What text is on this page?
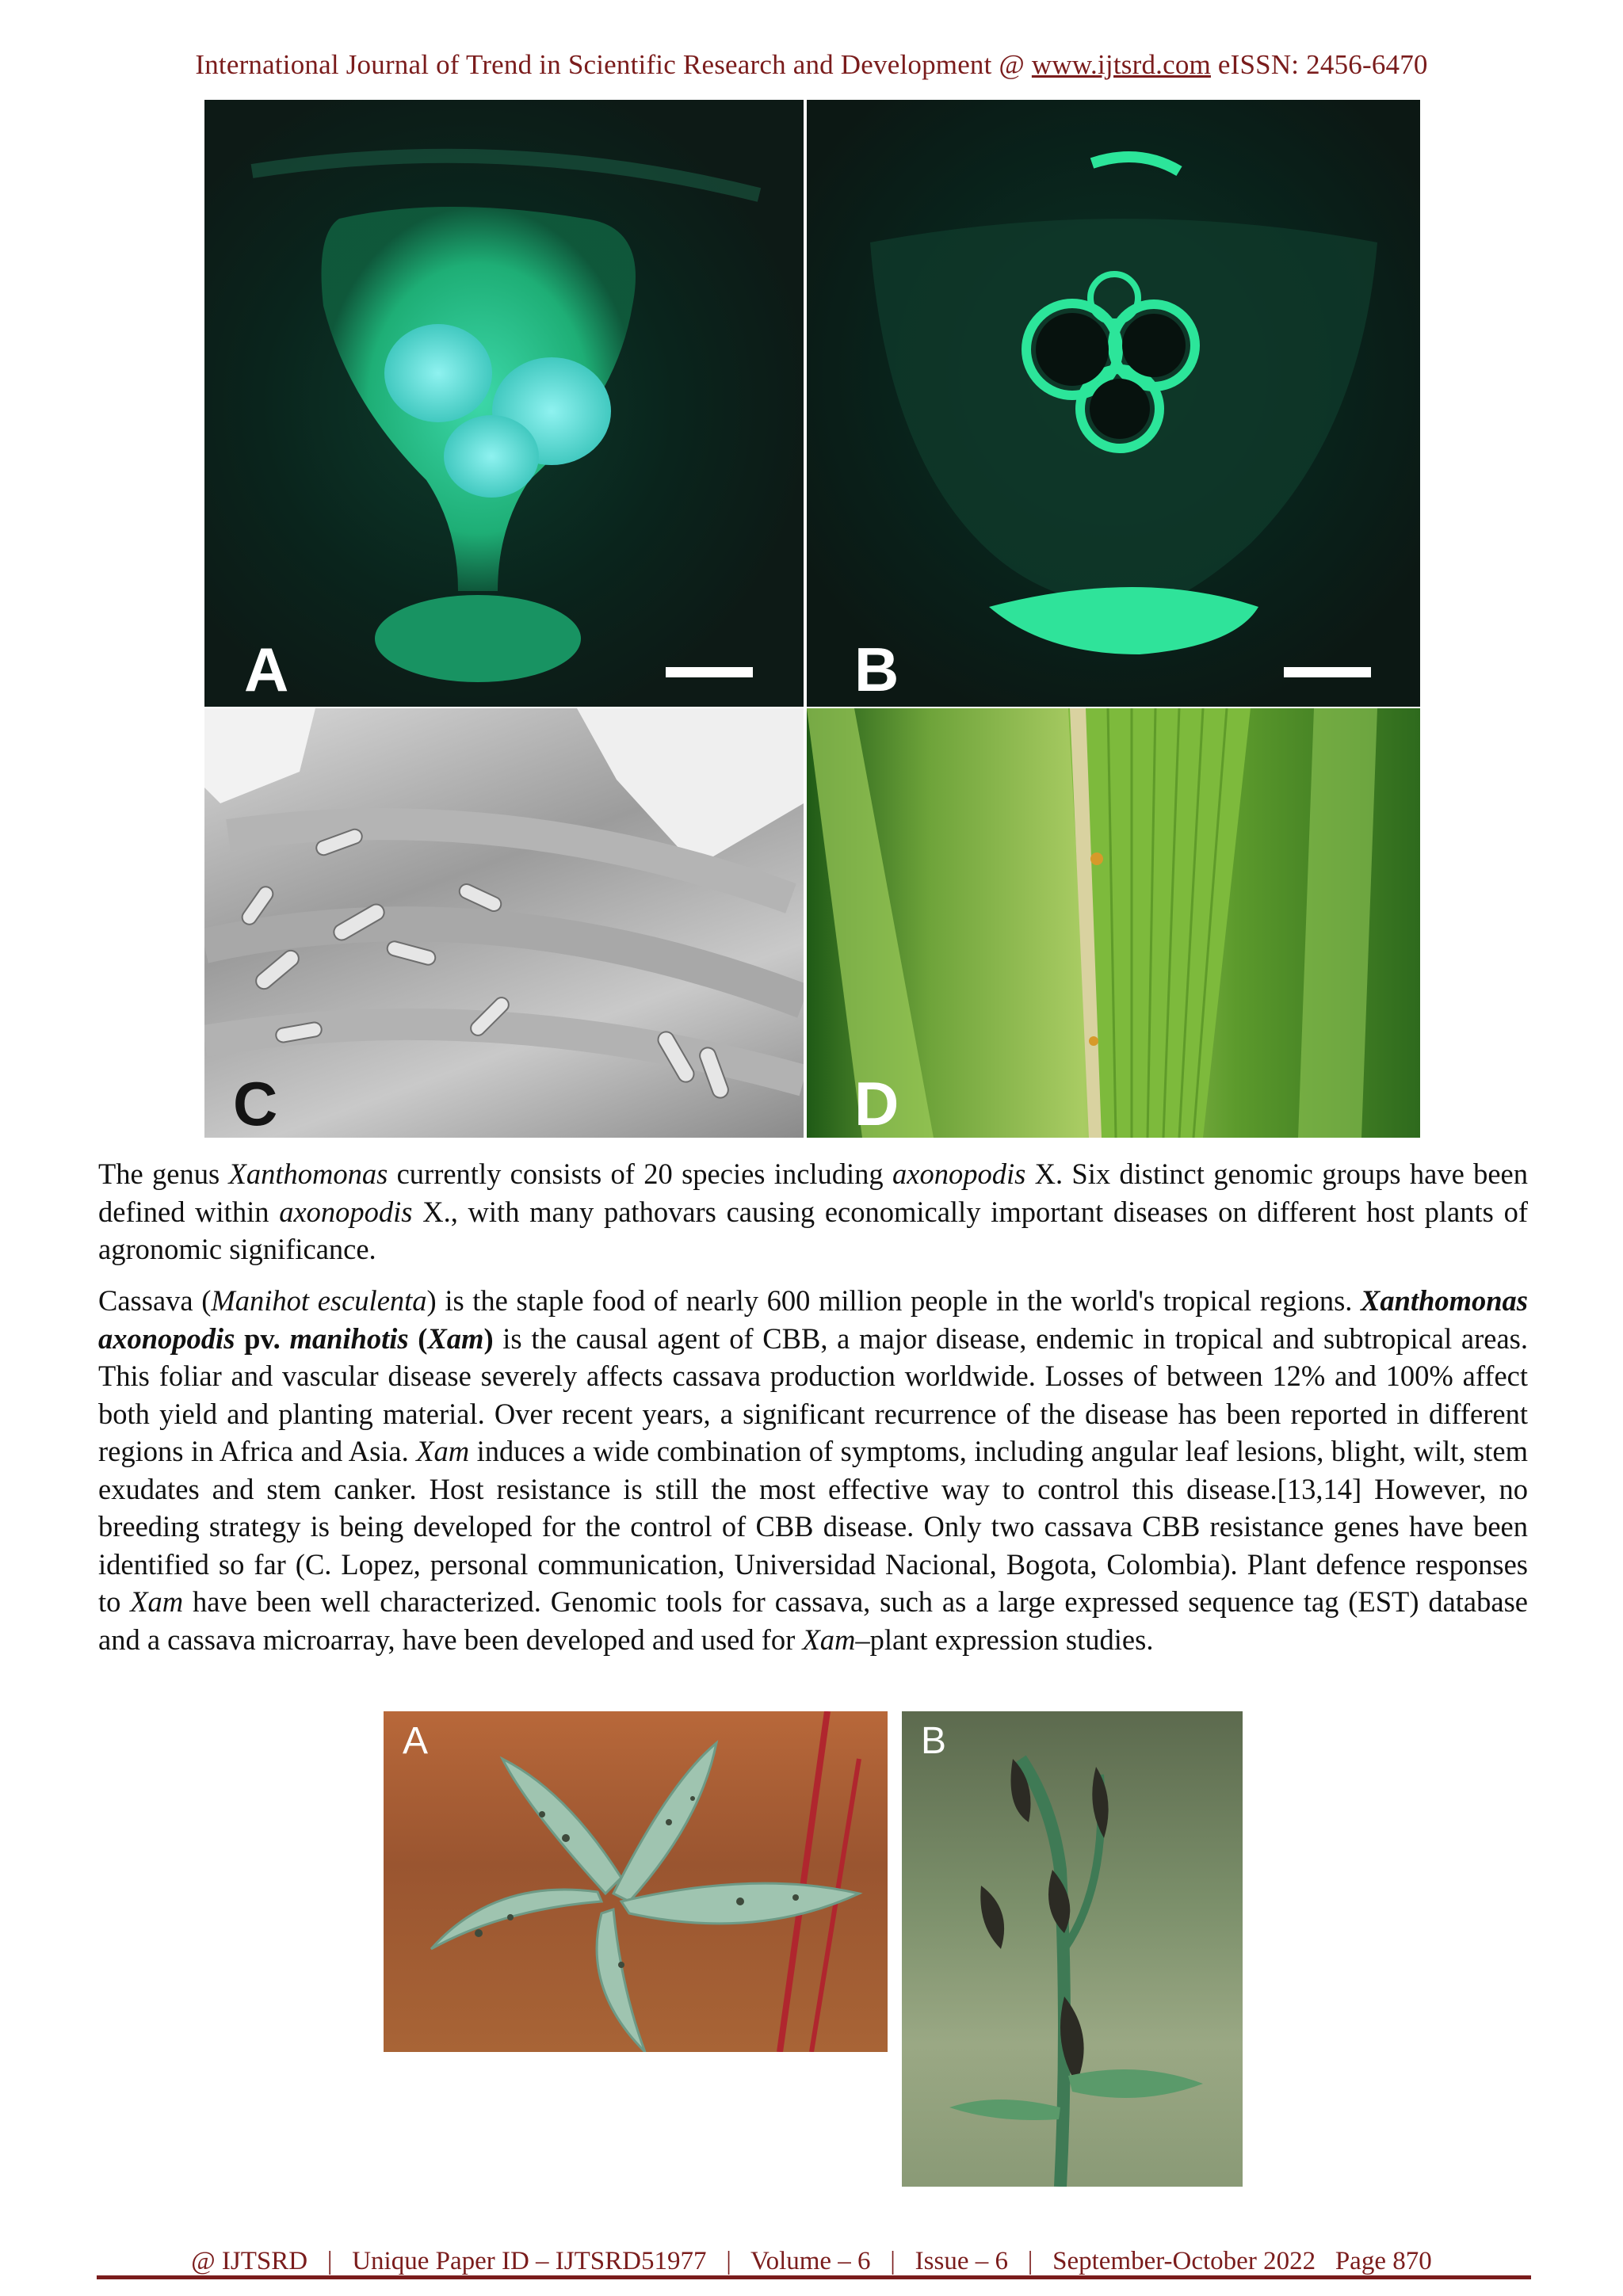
International Journal of Trend in Scientific Research and Development @ www.ijtsrd.com eISSN: 2456-6470
A	B
C	D

The genus Xanthomonas currently consists of 20 species including axonopodis X. Six distinct genomic groups have been defined within axonopodis X., with many pathovars causing economically important diseases on different host plants of agronomic significance.

Cassava (Manihot esculenta) is the staple food of nearly 600 million people in the world's tropical regions. Xanthomonas axonopodis pv. manihotis (Xam) is the causal agent of CBB, a major disease, endemic in tropical and subtropical areas. This foliar and vascular disease severely affects cassava production worldwide. Losses of between 12% and 100% affect both yield and planting material. Over recent years, a significant recurrence of the disease has been reported in different regions in Africa and Asia. Xam induces a wide combination of symptoms, including angular leaf lesions, blight, wilt, stem exudates and stem canker. Host resistance is still the most effective way to control this disease.[13,14] However, no breeding strategy is being developed for the control of CBB disease. Only two cassava CBB resistance genes have been identified so far (C. Lopez, personal communication, Universidad Nacional, Bogota, Colombia). Plant defence responses to Xam have been well characterized. Genomic tools for cassava, such as a large expressed sequence tag (EST) database and a cassava microarray, have been developed and used for Xam–plant expression studies.

A	B
@ IJTSRD   |   Unique Paper ID – IJTSRD51977   |   Volume – 6   |   Issue – 6   |   September-October 2022   Page 870
